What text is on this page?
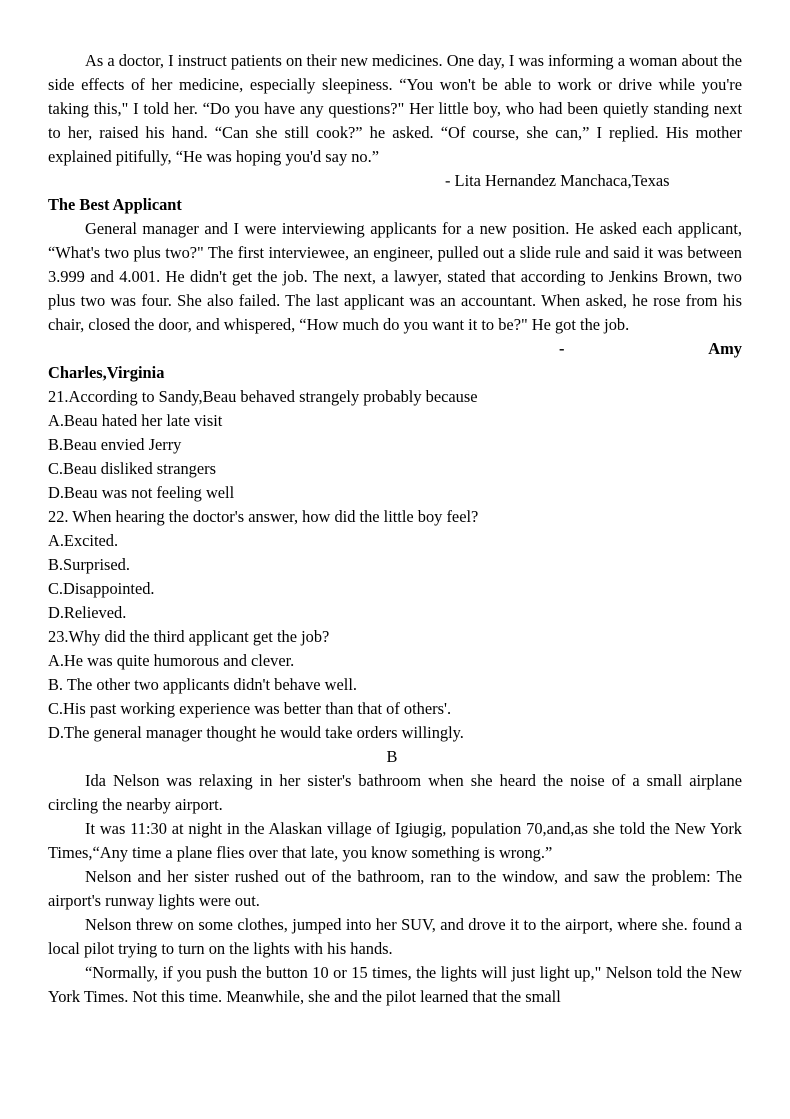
As a doctor, I instruct patients on their new medicines. One day, I was informing a woman about the side effects of her medicine, especially sleepiness. “You won't be able to work or drive while you're taking this," I told her. “Do you have any questions?" Her little boy, who had been quietly standing next to her, raised his hand. “Can she still cook?” he asked. “Of course, she can,” I replied. His mother explained pitifully, “He was hoping you'd say no.”

- Lita Hernandez Manchaca,Texas

The Best Applicant

General manager and I were interviewing applicants for a new position. He asked each applicant, “What's two plus two?" The first interviewee, an engineer, pulled out a slide rule and said it was between 3.999 and 4.001. He didn't get the job. The next, a lawyer, stated that according to Jenkins Brown, two plus two was four. She also failed. The last applicant was an accountant. When asked, he rose from his chair, closed the door, and whispered, “How much do you want it to be?" He got the job.

- Amy

Charles,Virginia

21.According to Sandy,Beau behaved strangely probably because

A.Beau hated her late visit

B.Beau envied Jerry

C.Beau disliked strangers

D.Beau was not feeling well

22. When hearing the doctor's answer, how did the little boy feel?

A.Excited.

B.Surprised.

C.Disappointed.

D.Relieved.

23.Why did the third applicant get the job?

A.He was quite humorous and clever.

B. The other two applicants didn't behave well.

C.His past working experience was better than that of others'.

D.The general manager thought he would take orders willingly.

B

Ida Nelson was relaxing in her sister's bathroom when she heard the noise of a small airplane circling the nearby airport.

It was 11:30 at night in the Alaskan village of Igiugig, population 70,and,as she told the New York Times,“Any time a plane flies over that late, you know something is wrong.”

Nelson and her sister rushed out of the bathroom, ran to the window, and saw the problem: The airport's runway lights were out.

Nelson threw on some clothes, jumped into her SUV, and drove it to the airport, where she. found a local pilot trying to turn on the lights with his hands.

“Normally, if you push the button 10 or 15 times, the lights will just light up," Nelson told the New York Times. Not this time. Meanwhile, she and the pilot learned that the small
